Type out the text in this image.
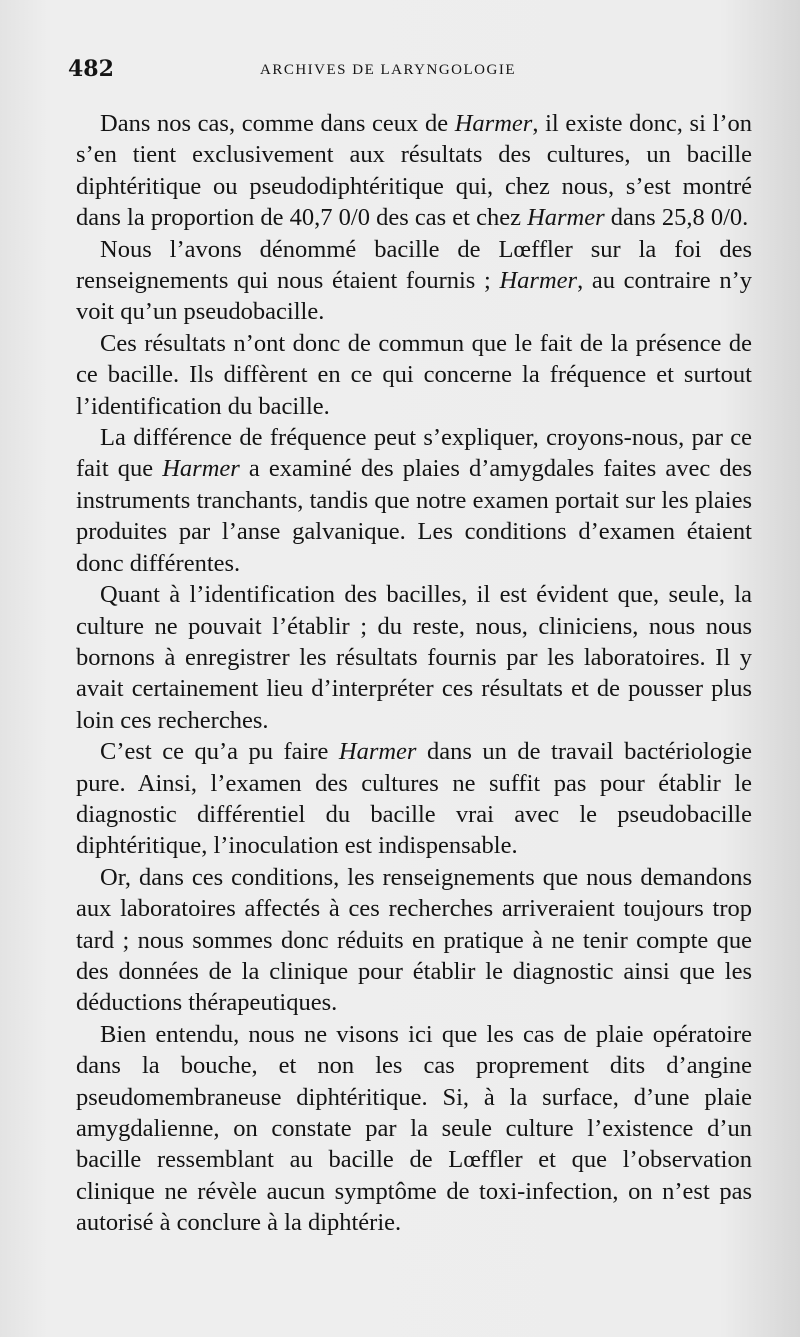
482	ARCHIVES DE LARYNGOLOGIE

Dans nos cas, comme dans ceux de Harmer, il existe donc, si l’on s’en tient exclusivement aux résultats des cultures, un bacille diphtéritique ou pseudodiphtéritique qui, chez nous, s’est montré dans la proportion de 40,7 0/0 des cas et chez Harmer dans 25,8 0/0.

Nous l’avons dénommé bacille de Lœffler sur la foi des renseignements qui nous étaient fournis ; Harmer, au contraire n’y voit qu’un pseudobacille.

Ces résultats n’ont donc de commun que le fait de la présence de ce bacille. Ils diffèrent en ce qui concerne la fréquence et surtout l’identification du bacille.

La différence de fréquence peut s’expliquer, croyons-nous, par ce fait que Harmer a examiné des plaies d’amygdales faites avec des instruments tranchants, tandis que notre examen portait sur les plaies produites par l’anse galvanique. Les conditions d’examen étaient donc différentes.

Quant à l’identification des bacilles, il est évident que, seule, la culture ne pouvait l’établir ; du reste, nous, cliniciens, nous nous bornons à enregistrer les résultats fournis par les laboratoires. Il y avait certainement lieu d’interpréter ces résultats et de pousser plus loin ces recherches.

C’est ce qu’a pu faire Harmer dans un de travail bactériologie pure. Ainsi, l’examen des cultures ne suffit pas pour établir le diagnostic différentiel du bacille vrai avec le pseudobacille diphtéritique, l’inoculation est indispensable.

Or, dans ces conditions, les renseignements que nous demandons aux laboratoires affectés à ces recherches arriveraient toujours trop tard ; nous sommes donc réduits en pratique à ne tenir compte que des données de la clinique pour établir le diagnostic ainsi que les déductions thérapeutiques.

Bien entendu, nous ne visons ici que les cas de plaie opératoire dans la bouche, et non les cas proprement dits d’angine pseudomembraneuse diphtéritique. Si, à la surface, d’une plaie amygdalienne, on constate par la seule culture l’existence d’un bacille ressemblant au bacille de Lœffler et que l’observation clinique ne révèle aucun symptôme de toxi-infection, on n’est pas autorisé à conclure à la diphtérie.
